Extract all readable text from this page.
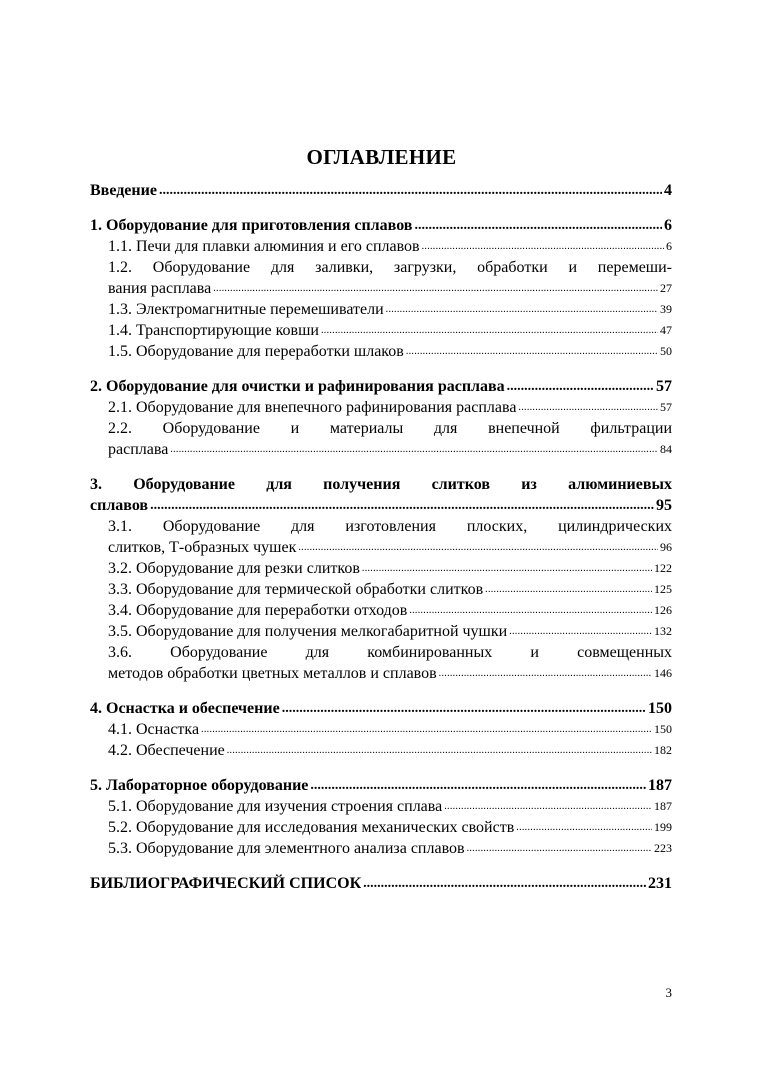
ОГЛАВЛЕНИЕ
Введение .....	4
1. Оборудование для приготовления сплавов .....	6
1.1. Печи для плавки алюминия и его сплавов .....	6
1.2. Оборудование для заливки, загрузки, обработки и перемеши-
вания расплава .....	27
1.3. Электромагнитные перемешиватели .....	39
1.4. Транспортирующие ковши .....	47
1.5. Оборудование для переработки шлаков .....	50
2. Оборудование для очистки и рафинирования расплава .....	57
2.1. Оборудование для внепечного рафинирования расплава .....	57
2.2. Оборудование и материалы для внепечной фильтрации
расплава .....	84
3. Оборудование для получения слитков из алюминиевых
сплавов .....	95
3.1. Оборудование для изготовления плоских, цилиндрических
слитков, Т-образных чушек .....	96
3.2. Оборудование для резки слитков .....	122
3.3. Оборудование для термической обработки слитков .....	125
3.4. Оборудование для переработки отходов .....	126
3.5. Оборудование для получения мелкогабаритной чушки .....	132
3.6. Оборудование для комбинированных и совмещенных
методов обработки цветных металлов и сплавов .....	146
4. Оснастка и обеспечение .....	150
4.1. Оснастка .....	150
4.2. Обеспечение .....	182
5. Лабораторное оборудование .....	187
5.1. Оборудование для изучения строения сплава .....	187
5.2. Оборудование для исследования механических свойств .....	199
5.3. Оборудование для элементного анализа сплавов .....	223
БИБЛИОГРАФИЧЕСКИЙ СПИСОК .....	231
3
